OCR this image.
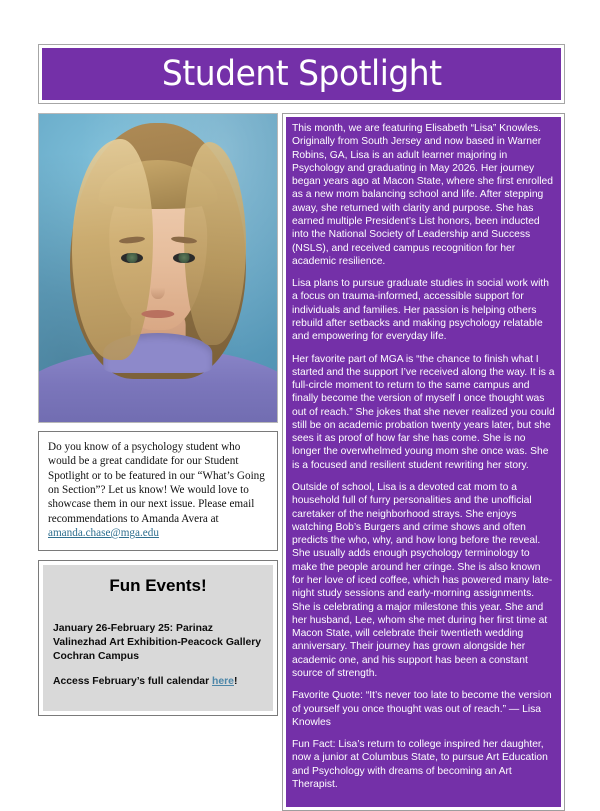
Student Spotlight

Do you know of a psychology student who would be a great candidate for our Student Spotlight or to be featured in our “What’s Going on Section”? Let us know! We would love to showcase them in our next issue. Please email recommendations to Amanda Avera at amanda.chase@mga.edu

Fun Events!

January 26-February 25: Parinaz Valinezhad Art Exhibition-Peacock Gallery Cochran Campus

Access February’s full calendar here!

This month, we are featuring Elisabeth “Lisa” Knowles. Originally from South Jersey and now based in Warner Robins, GA, Lisa is an adult learner majoring in Psychology and graduating in May 2026. Her journey began years ago at Macon State, where she first enrolled as a new mom balancing school and life. After stepping away, she returned with clarity and purpose. She has earned multiple President’s List honors, been inducted into the National Society of Leadership and Success (NSLS), and received campus recognition for her academic resilience.

Lisa plans to pursue graduate studies in social work with a focus on trauma-informed, accessible support for individuals and families. Her passion is helping others rebuild after setbacks and making psychology relatable and empowering for everyday life.

Her favorite part of MGA is “the chance to finish what I started and the support I’ve received along the way. It is a full-circle moment to return to the same campus and finally become the version of myself I once thought was out of reach.” She jokes that she never realized you could still be on academic probation twenty years later, but she sees it as proof of how far she has come. She is no longer the overwhelmed young mom she once was. She is a focused and resilient student rewriting her story.

Outside of school, Lisa is a devoted cat mom to a household full of furry personalities and the unofficial caretaker of the neighborhood strays. She enjoys watching Bob’s Burgers and crime shows and often predicts the who, why, and how long before the reveal. She usually adds enough psychology terminology to make the people around her cringe. She is also known for her love of iced coffee, which has powered many late-night study sessions and early-morning assignments. She is celebrating a major milestone this year. She and her husband, Lee, whom she met during her first time at Macon State, will celebrate their twentieth wedding anniversary. Their journey has grown alongside her academic one, and his support has been a constant source of strength.

Favorite Quote: “It’s never too late to become the version of yourself you once thought was out of reach.” — Lisa Knowles

Fun Fact: Lisa’s return to college inspired her daughter, now a junior at Columbus State, to pursue Art Education and Psychology with dreams of becoming an Art Therapist.
